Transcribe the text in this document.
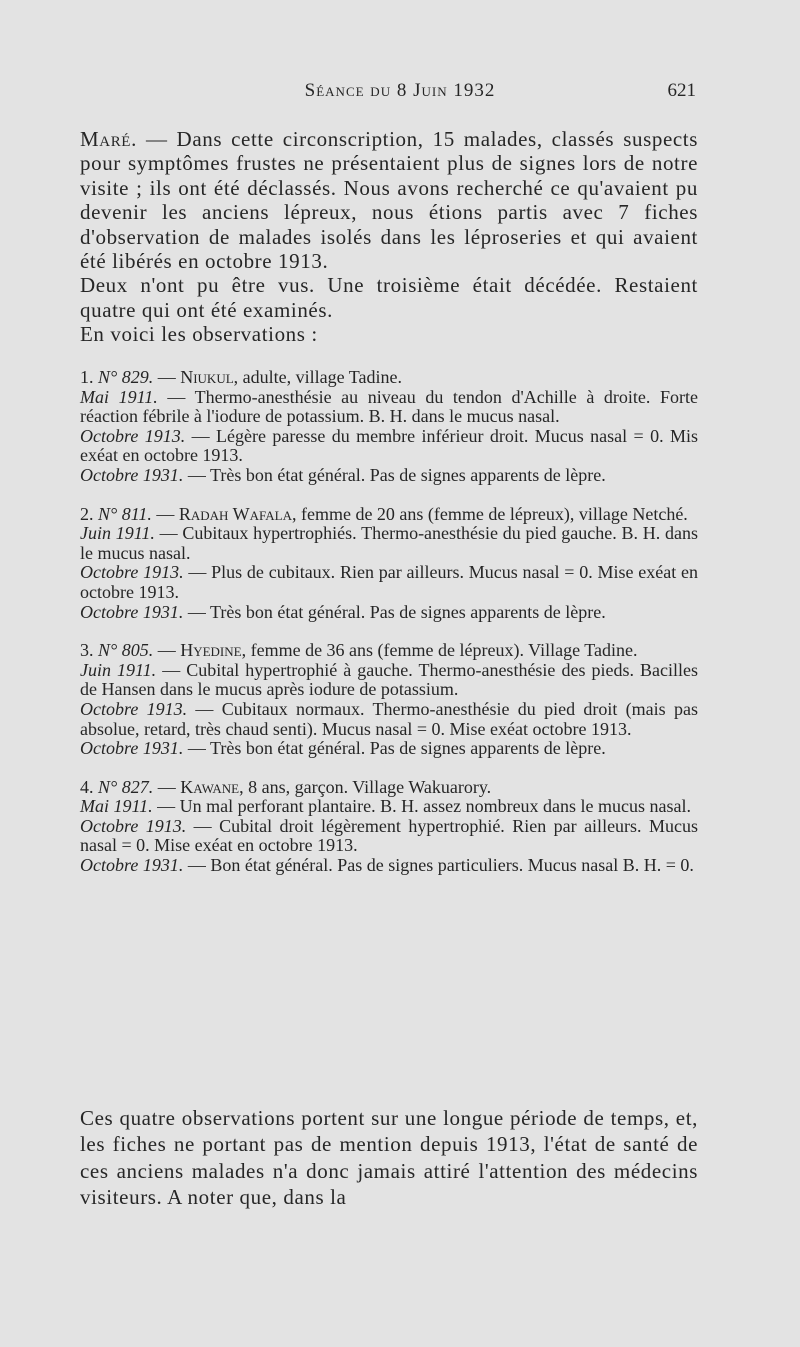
Séance du 8 Juin 1932	621

Maré. — Dans cette circonscription, 15 malades, classés suspects pour symptômes frustes ne présentaient plus de signes lors de notre visite ; ils ont été déclassés. Nous avons recherché ce qu'avaient pu devenir les anciens lépreux, nous étions partis avec 7 fiches d'observation de malades isolés dans les léproseries et qui avaient été libérés en octobre 1913.

Deux n'ont pu être vus. Une troisième était décédée. Restaient quatre qui ont été examinés.

En voici les observations :

1. N° 829. — Niukul, adulte, village Tadine.

Mai 1911. — Thermo-anesthésie au niveau du tendon d'Achille à droite. Forte réaction fébrile à l'iodure de potassium. B. H. dans le mucus nasal.

Octobre 1913. — Légère paresse du membre inférieur droit. Mucus nasal = 0. Mis exéat en octobre 1913.

Octobre 1931. — Très bon état général. Pas de signes apparents de lèpre.

2. N° 811. — Radah Wafala, femme de 20 ans (femme de lépreux), village Netché.

Juin 1911. — Cubitaux hypertrophiés. Thermo-anesthésie du pied gauche. B. H. dans le mucus nasal.

Octobre 1913. — Plus de cubitaux. Rien par ailleurs. Mucus nasal = 0. Mise exéat en octobre 1913.

Octobre 1931. — Très bon état général. Pas de signes apparents de lèpre.

3. N° 805. — Hyedine, femme de 36 ans (femme de lépreux). Village Tadine.

Juin 1911. — Cubital hypertrophié à gauche. Thermo-anesthésie des pieds. Bacilles de Hansen dans le mucus après iodure de potassium.

Octobre 1913. — Cubitaux normaux. Thermo-anesthésie du pied droit (mais pas absolue, retard, très chaud senti). Mucus nasal = 0. Mise exéat octobre 1913.

Octobre 1931. — Très bon état général. Pas de signes apparents de lèpre.

4. N° 827. — Kawane, 8 ans, garçon. Village Wakuarory.

Mai 1911. — Un mal perforant plantaire. B. H. assez nombreux dans le mucus nasal.

Octobre 1913. — Cubital droit légèrement hypertrophié. Rien par ailleurs. Mucus nasal = 0. Mise exéat en octobre 1913.

Octobre 1931. — Bon état général. Pas de signes particuliers. Mucus nasal B. H. = 0.

Ces quatre observations portent sur une longue période de temps, et, les fiches ne portant pas de mention depuis 1913, l'état de santé de ces anciens malades n'a donc jamais attiré l'attention des médecins visiteurs. A noter que, dans la
